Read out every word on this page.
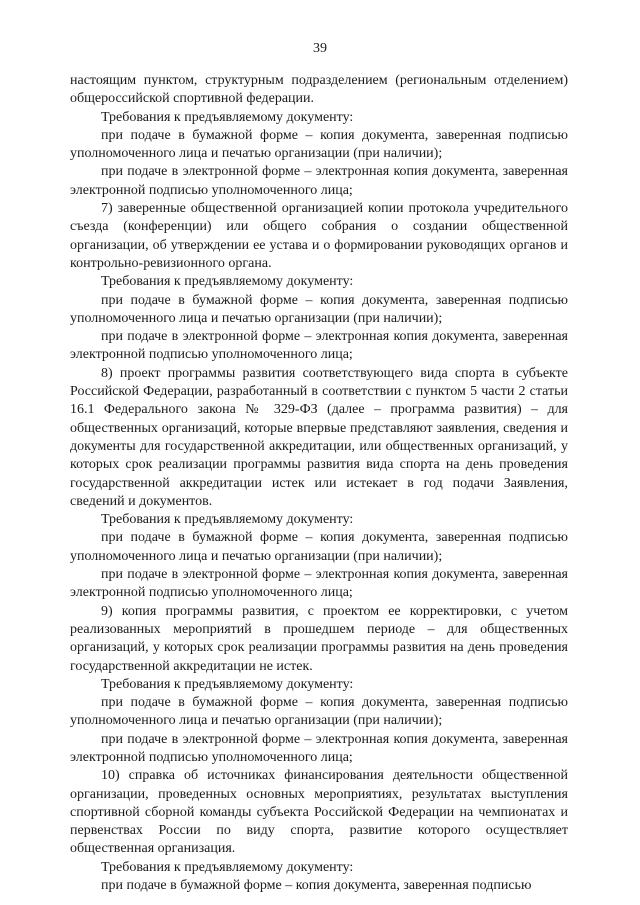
39

настоящим пунктом, структурным подразделением (региональным отделением) общероссийской спортивной федерации.

Требования к предъявляемому документу:

при подаче в бумажной форме – копия документа, заверенная подписью уполномоченного лица и печатью организации (при наличии);

при подаче в электронной форме – электронная копия документа, заверенная электронной подписью уполномоченного лица;

7) заверенные общественной организацией копии протокола учредительного съезда (конференции) или общего собрания о создании общественной организации, об утверждении ее устава и о формировании руководящих органов и контрольно-ревизионного органа.

Требования к предъявляемому документу:

при подаче в бумажной форме – копия документа, заверенная подписью уполномоченного лица и печатью организации (при наличии);

при подаче в электронной форме – электронная копия документа, заверенная электронной подписью уполномоченного лица;

8) проект программы развития соответствующего вида спорта в субъекте Российской Федерации, разработанный в соответствии с пунктом 5 части 2 статьи 16.1 Федерального закона № 329-ФЗ (далее – программа развития) – для общественных организаций, которые впервые представляют заявления, сведения и документы для государственной аккредитации, или общественных организаций, у которых срок реализации программы развития вида спорта на день проведения государственной аккредитации истек или истекает в год подачи Заявления, сведений и документов.

Требования к предъявляемому документу:

при подаче в бумажной форме – копия документа, заверенная подписью уполномоченного лица и печатью организации (при наличии);

при подаче в электронной форме – электронная копия документа, заверенная электронной подписью уполномоченного лица;

9) копия программы развития, с проектом ее корректировки, с учетом реализованных мероприятий в прошедшем периоде – для общественных организаций, у которых срок реализации программы развития на день проведения государственной аккредитации не истек.

Требования к предъявляемому документу:

при подаче в бумажной форме – копия документа, заверенная подписью уполномоченного лица и печатью организации (при наличии);

при подаче в электронной форме – электронная копия документа, заверенная электронной подписью уполномоченного лица;

10) справка об источниках финансирования деятельности общественной организации, проведенных основных мероприятиях, результатах выступления спортивной сборной команды субъекта Российской Федерации на чемпионатах и первенствах России по виду спорта, развитие которого осуществляет общественная организация.

Требования к предъявляемому документу:

при подаче в бумажной форме – копия документа, заверенная подписью
